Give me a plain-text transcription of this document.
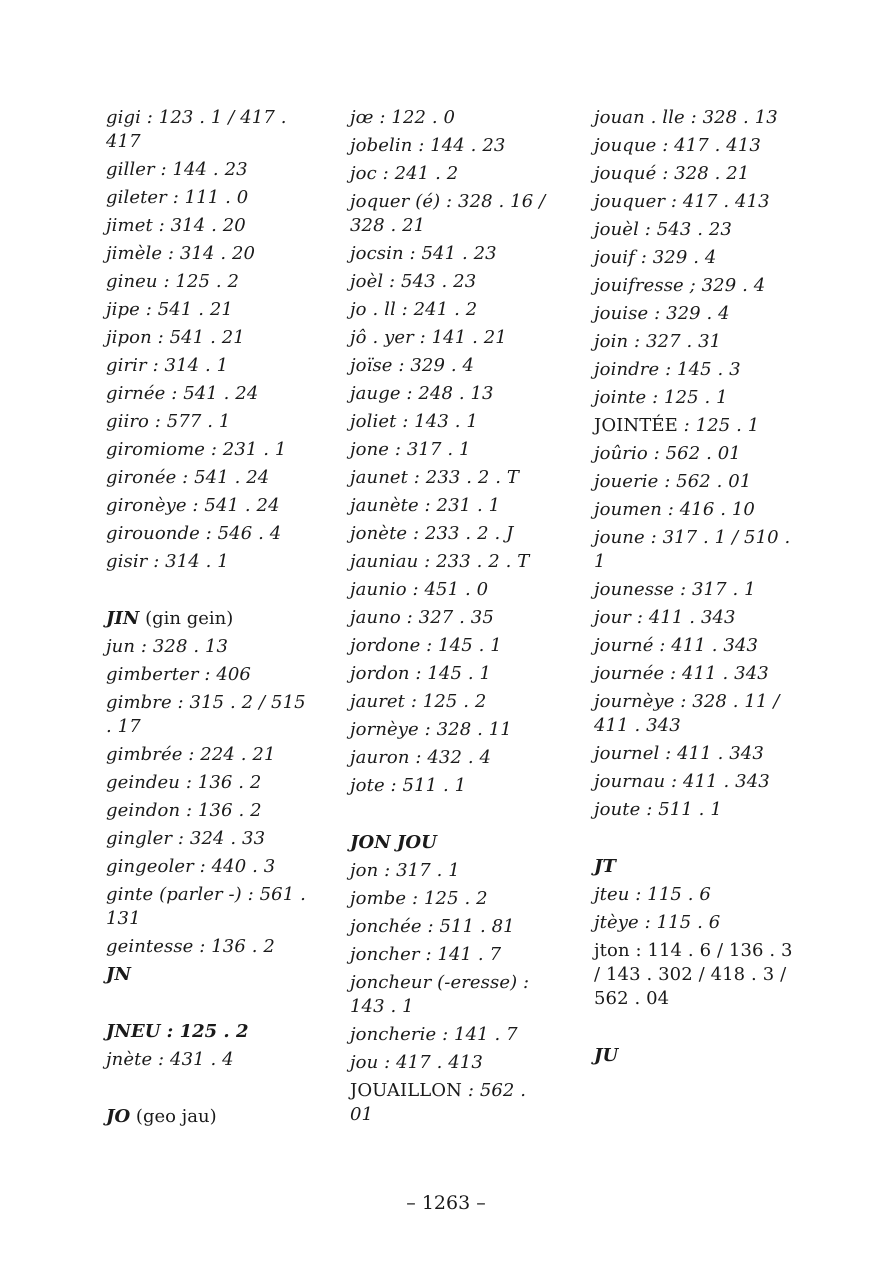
gigi : 123 . 1 / 417 . 417
giller : 144 . 23
gileter : 111 . 0
jimet : 314 . 20
jimèle : 314 . 20
gineu : 125 . 2
jipe : 541 . 21
jipon : 541 . 21
girir : 314 . 1
girnée : 541 . 24
giiro : 577 . 1
giromiome : 231 . 1
gironée : 541 . 24
gironèye : 541 . 24
girouonde : 546 . 4
gisir : 314 . 1
JIN (gin gein)
jun : 328 . 13
gimberter : 406
gimbre : 315 . 2 / 515 . 17
gimbrée : 224 . 21
geindeu : 136 . 2
geindon : 136 . 2
gingler : 324 . 33
gingeoler : 440 . 3
ginte (parler -) : 561 . 131
geintesse : 136 . 2
JN
JNEU : 125 . 2
jnète : 431 . 4
JO (geo jau)
jœ : 122 . 0
jobelin : 144 . 23
joc : 241 . 2
joquer (é) : 328 . 16 / 328 . 21
jocsin : 541 . 23
joèl : 543 . 23
jo . ll : 241 . 2
jô . yer : 141 . 21
joïse : 329 . 4
jauge : 248 . 13
joliet : 143 . 1
jone : 317 . 1
jaunet : 233 . 2 . T
jaunète : 231 . 1
jonète : 233 . 2 . J
jauniau : 233 . 2 . T
jaunio : 451 . 0
jauno : 327 . 35
jordone : 145 . 1
jordon : 145 . 1
jauret : 125 . 2
jornèye : 328 . 11
jauron : 432 . 4
jote : 511 . 1
JON JOU
jon : 317 . 1
jombe : 125 . 2
jonchée : 511 . 81
joncher : 141 . 7
joncheur (-eresse) : 143 . 1
joncherie : 141 . 7
jou : 417 . 413
JOUAILLON : 562 . 01
jouan . lle : 328 . 13
jouque : 417 . 413
jouqué : 328 . 21
jouquer : 417 . 413
jouèl : 543 . 23
jouif : 329 . 4
jouifresse ; 329 . 4
jouise : 329 . 4
join : 327 . 31
joindre : 145 . 3
jointe : 125 . 1
JOINTÉE : 125 . 1
joûrio : 562 . 01
jouerie : 562 . 01
joumen : 416 . 10
joune : 317 . 1 / 510 . 1
jounesse : 317 . 1
jour : 411 . 343
journé : 411 . 343
journée : 411 . 343
journèye : 328 . 11 / 411 . 343
journel : 411 . 343
journau : 411 . 343
joute : 511 . 1
JT
jteu : 115 . 6
jtèye : 115 . 6
jton : 114 . 6 / 136 . 3 / 143 . 302 / 418 . 3 / 562 . 04
JU
– 1263 –
